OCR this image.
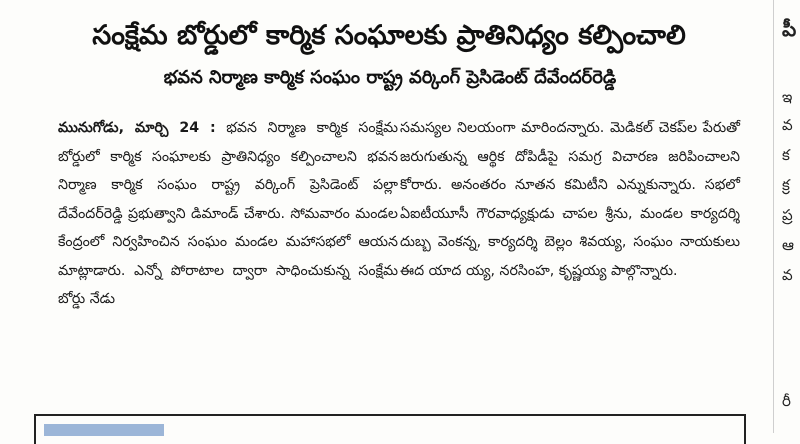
సంక్షేమ బోర్డులో కార్మిక సంఘాలకు ప్రాతినిధ్యం కల్పించాలి
భవన నిర్మాణ కార్మిక సంఘం రాష్ట్ర వర్కింగ్ ప్రెసిడెంట్ దేవేందర్‌రెడ్డి

మునుగోడు, మార్చి 24 : భవన నిర్మాణ కార్మిక సంక్షేమ బోర్డులో కార్మిక సంఘాలకు ప్రాతినిధ్యం కల్పించాలని భవన నిర్మాణ కార్మిక సంఘం రాష్ట్ర వర్కింగ్ ప్రెసిడెంట్ పల్లా దేవేందర్‌రెడ్డి ప్రభుత్వాని డిమాండ్ చేశారు. సోమవారం మండల కేంద్రంలో నిర్వహించిన సంఘం మండల మహాసభలో ఆయన మాట్లాడారు. ఎన్నో పోరాటాల ద్వారా సాధించుకున్న సంక్షేమ బోర్డు నేడు

సమస్యల నిలయంగా మారిందన్నారు. మెడికల్ చెకప్‌ల పేరుతో జరుగుతున్న ఆర్థిక దోపిడీపై సమగ్ర విచారణ జరిపించాలని కోరారు. అనంతరం నూతన కమిటీని ఎన్నుకున్నారు. సభలో ఏఐటీయూసీ గౌరవాధ్యక్షుడు చాపల శ్రీను, మండల కార్యదర్శి దుబ్బ వెంకన్న, కార్యదర్శి బెల్లం శివయ్య, సంఘం నాయకులు ఈద యాద య్య, నరసింహ, కృష్ణయ్య పాల్గొన్నారు.

పీ
ఇ
వ
క
క్ర
ప్ర
ఆ
వ
రీ
